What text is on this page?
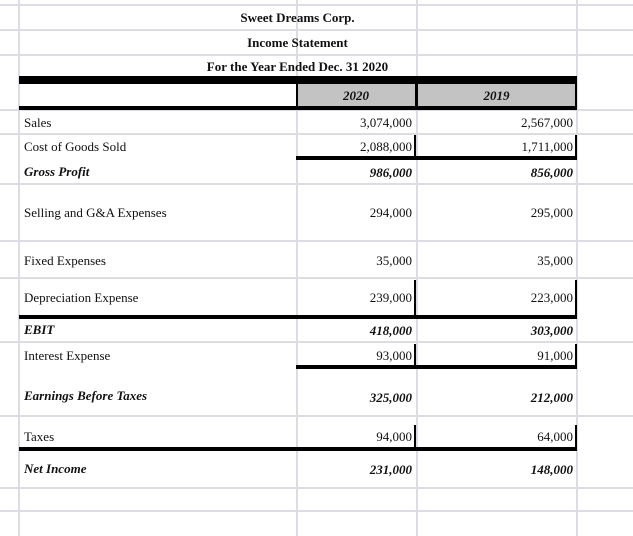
Sweet Dreams Corp.
Income Statement
For the Year Ended Dec. 31 2020
2020	2019
Sales	3,074,000	2,567,000
Cost of Goods Sold	2,088,000	1,711,000
Gross Profit	986,000	856,000
Selling and G&A Expenses	294,000	295,000
Fixed Expenses	35,000	35,000
Depreciation Expense	239,000	223,000
EBIT	418,000	303,000
Interest Expense	93,000	91,000
Earnings Before Taxes	325,000	212,000
Taxes	94,000	64,000
Net Income	231,000	148,000
